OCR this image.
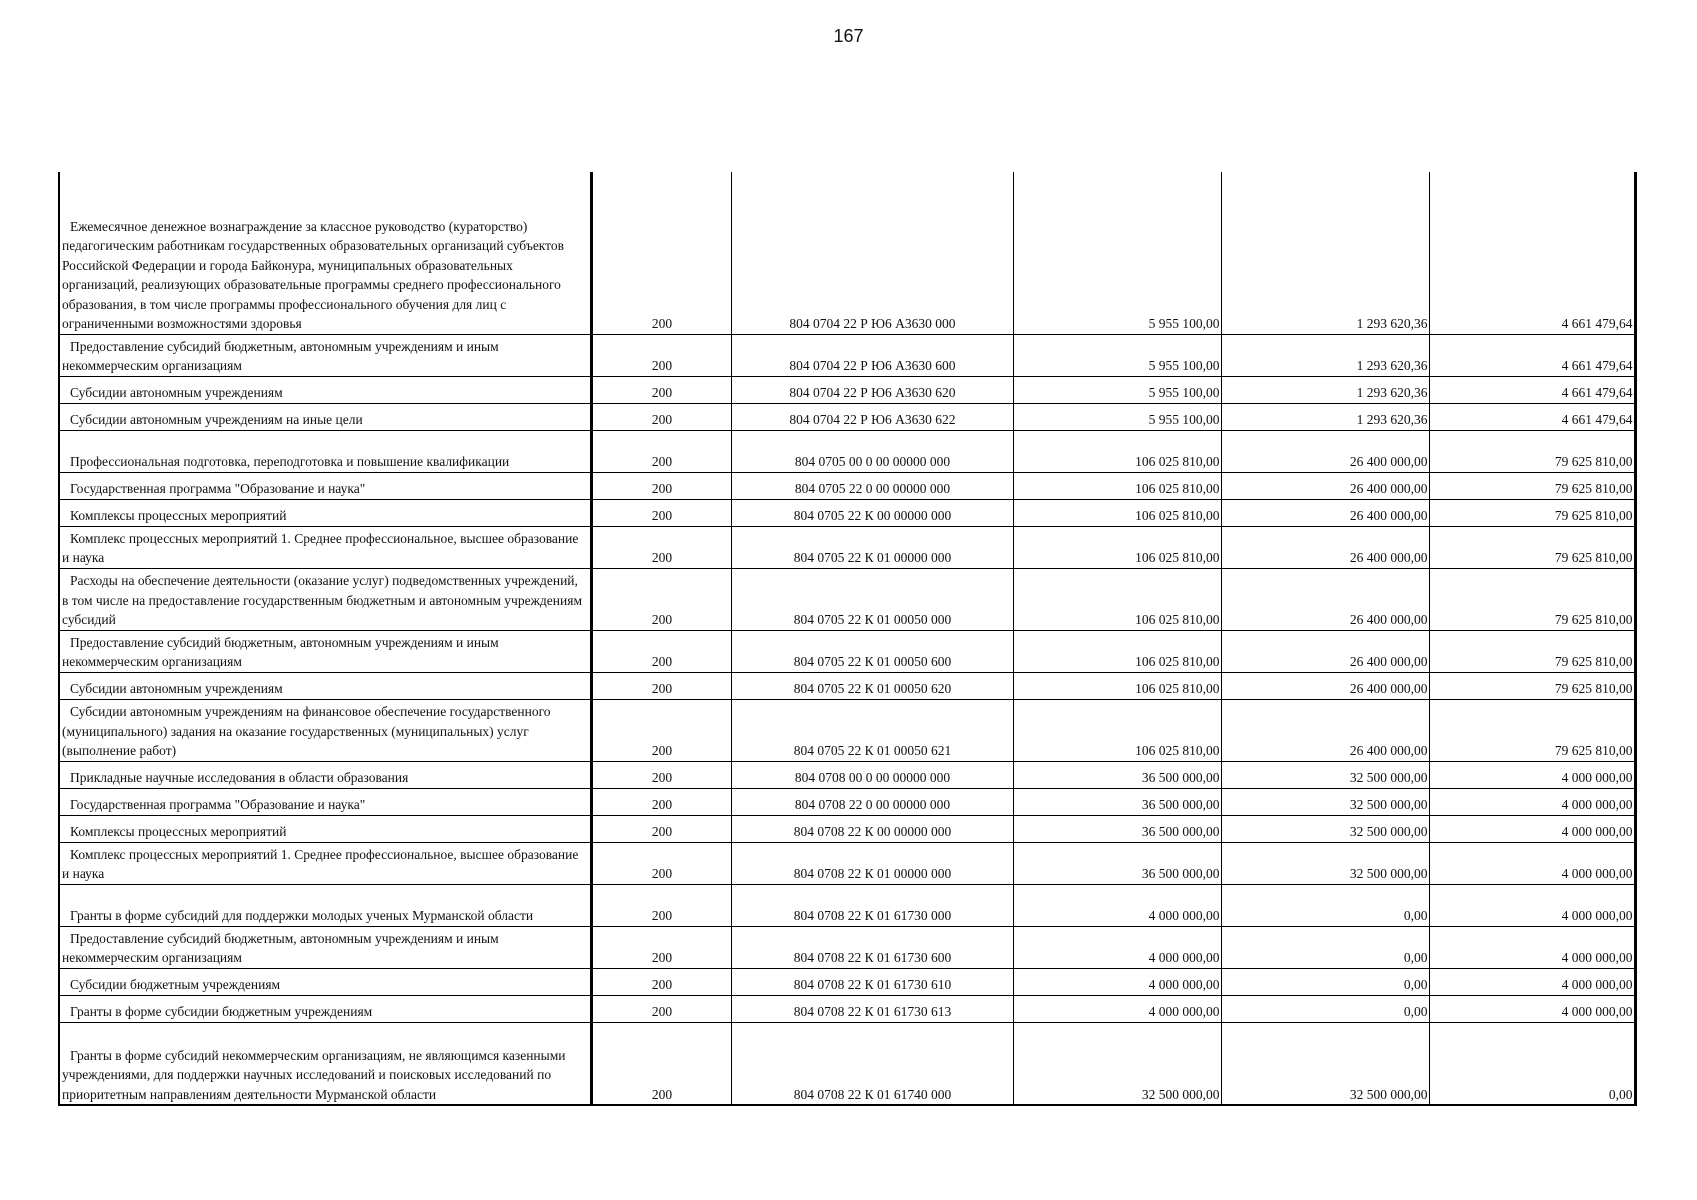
167
Ежемесячное денежное вознаграждение за классное руководство (кураторство) педагогическим работникам государственных образовательных организаций субъектов Российской Федерации и города Байконура, муниципальных образовательных организаций, реализующих образовательные программы среднего профессионального образования, в том числе программы профессионального обучения для лиц с ограниченными возможностями здоровья	200	804 0704 22 Р Ю6 А3630 000	5 955 100,00	1 293 620,36	4 661 479,64
Предоставление субсидий бюджетным, автономным учреждениям и иным некоммерческим организациям	200	804 0704 22 Р Ю6 А3630 600	5 955 100,00	1 293 620,36	4 661 479,64
Субсидии автономным учреждениям	200	804 0704 22 Р Ю6 А3630 620	5 955 100,00	1 293 620,36	4 661 479,64
Субсидии автономным учреждениям на иные цели	200	804 0704 22 Р Ю6 А3630 622	5 955 100,00	1 293 620,36	4 661 479,64
Профессиональная подготовка, переподготовка и повышение квалификации	200	804 0705 00 0 00 00000 000	106 025 810,00	26 400 000,00	79 625 810,00
Государственная программа "Образование и наука"	200	804 0705 22 0 00 00000 000	106 025 810,00	26 400 000,00	79 625 810,00
Комплексы процессных мероприятий	200	804 0705 22 К 00 00000 000	106 025 810,00	26 400 000,00	79 625 810,00
Комплекс процессных мероприятий 1. Среднее профессиональное, высшее образование и наука	200	804 0705 22 К 01 00000 000	106 025 810,00	26 400 000,00	79 625 810,00
Расходы на обеспечение деятельности (оказание услуг) подведомственных учреждений, в том числе на предоставление государственным бюджетным и автономным учреждениям субсидий	200	804 0705 22 К 01 00050 000	106 025 810,00	26 400 000,00	79 625 810,00
Предоставление субсидий бюджетным, автономным учреждениям и иным некоммерческим организациям	200	804 0705 22 К 01 00050 600	106 025 810,00	26 400 000,00	79 625 810,00
Субсидии автономным учреждениям	200	804 0705 22 К 01 00050 620	106 025 810,00	26 400 000,00	79 625 810,00
Субсидии автономным учреждениям на финансовое обеспечение государственного (муниципального) задания на оказание государственных (муниципальных) услуг (выполнение работ)	200	804 0705 22 К 01 00050 621	106 025 810,00	26 400 000,00	79 625 810,00
Прикладные научные исследования в области образования	200	804 0708 00 0 00 00000 000	36 500 000,00	32 500 000,00	4 000 000,00
Государственная программа "Образование и наука"	200	804 0708 22 0 00 00000 000	36 500 000,00	32 500 000,00	4 000 000,00
Комплексы процессных мероприятий	200	804 0708 22 К 00 00000 000	36 500 000,00	32 500 000,00	4 000 000,00
Комплекс процессных мероприятий 1. Среднее профессиональное, высшее образование и наука	200	804 0708 22 К 01 00000 000	36 500 000,00	32 500 000,00	4 000 000,00
Гранты в форме субсидий для поддержки молодых ученых Мурманской области	200	804 0708 22 К 01 61730 000	4 000 000,00	0,00	4 000 000,00
Предоставление субсидий бюджетным, автономным учреждениям и иным некоммерческим организациям	200	804 0708 22 К 01 61730 600	4 000 000,00	0,00	4 000 000,00
Субсидии бюджетным учреждениям	200	804 0708 22 К 01 61730 610	4 000 000,00	0,00	4 000 000,00
Гранты в форме субсидии бюджетным учреждениям	200	804 0708 22 К 01 61730 613	4 000 000,00	0,00	4 000 000,00
Гранты в форме субсидий некоммерческим организациям, не являющимся казенными учреждениями, для поддержки научных исследований и поисковых исследований по приоритетным направлениям деятельности Мурманской области	200	804 0708 22 К 01 61740 000	32 500 000,00	32 500 000,00	0,00
